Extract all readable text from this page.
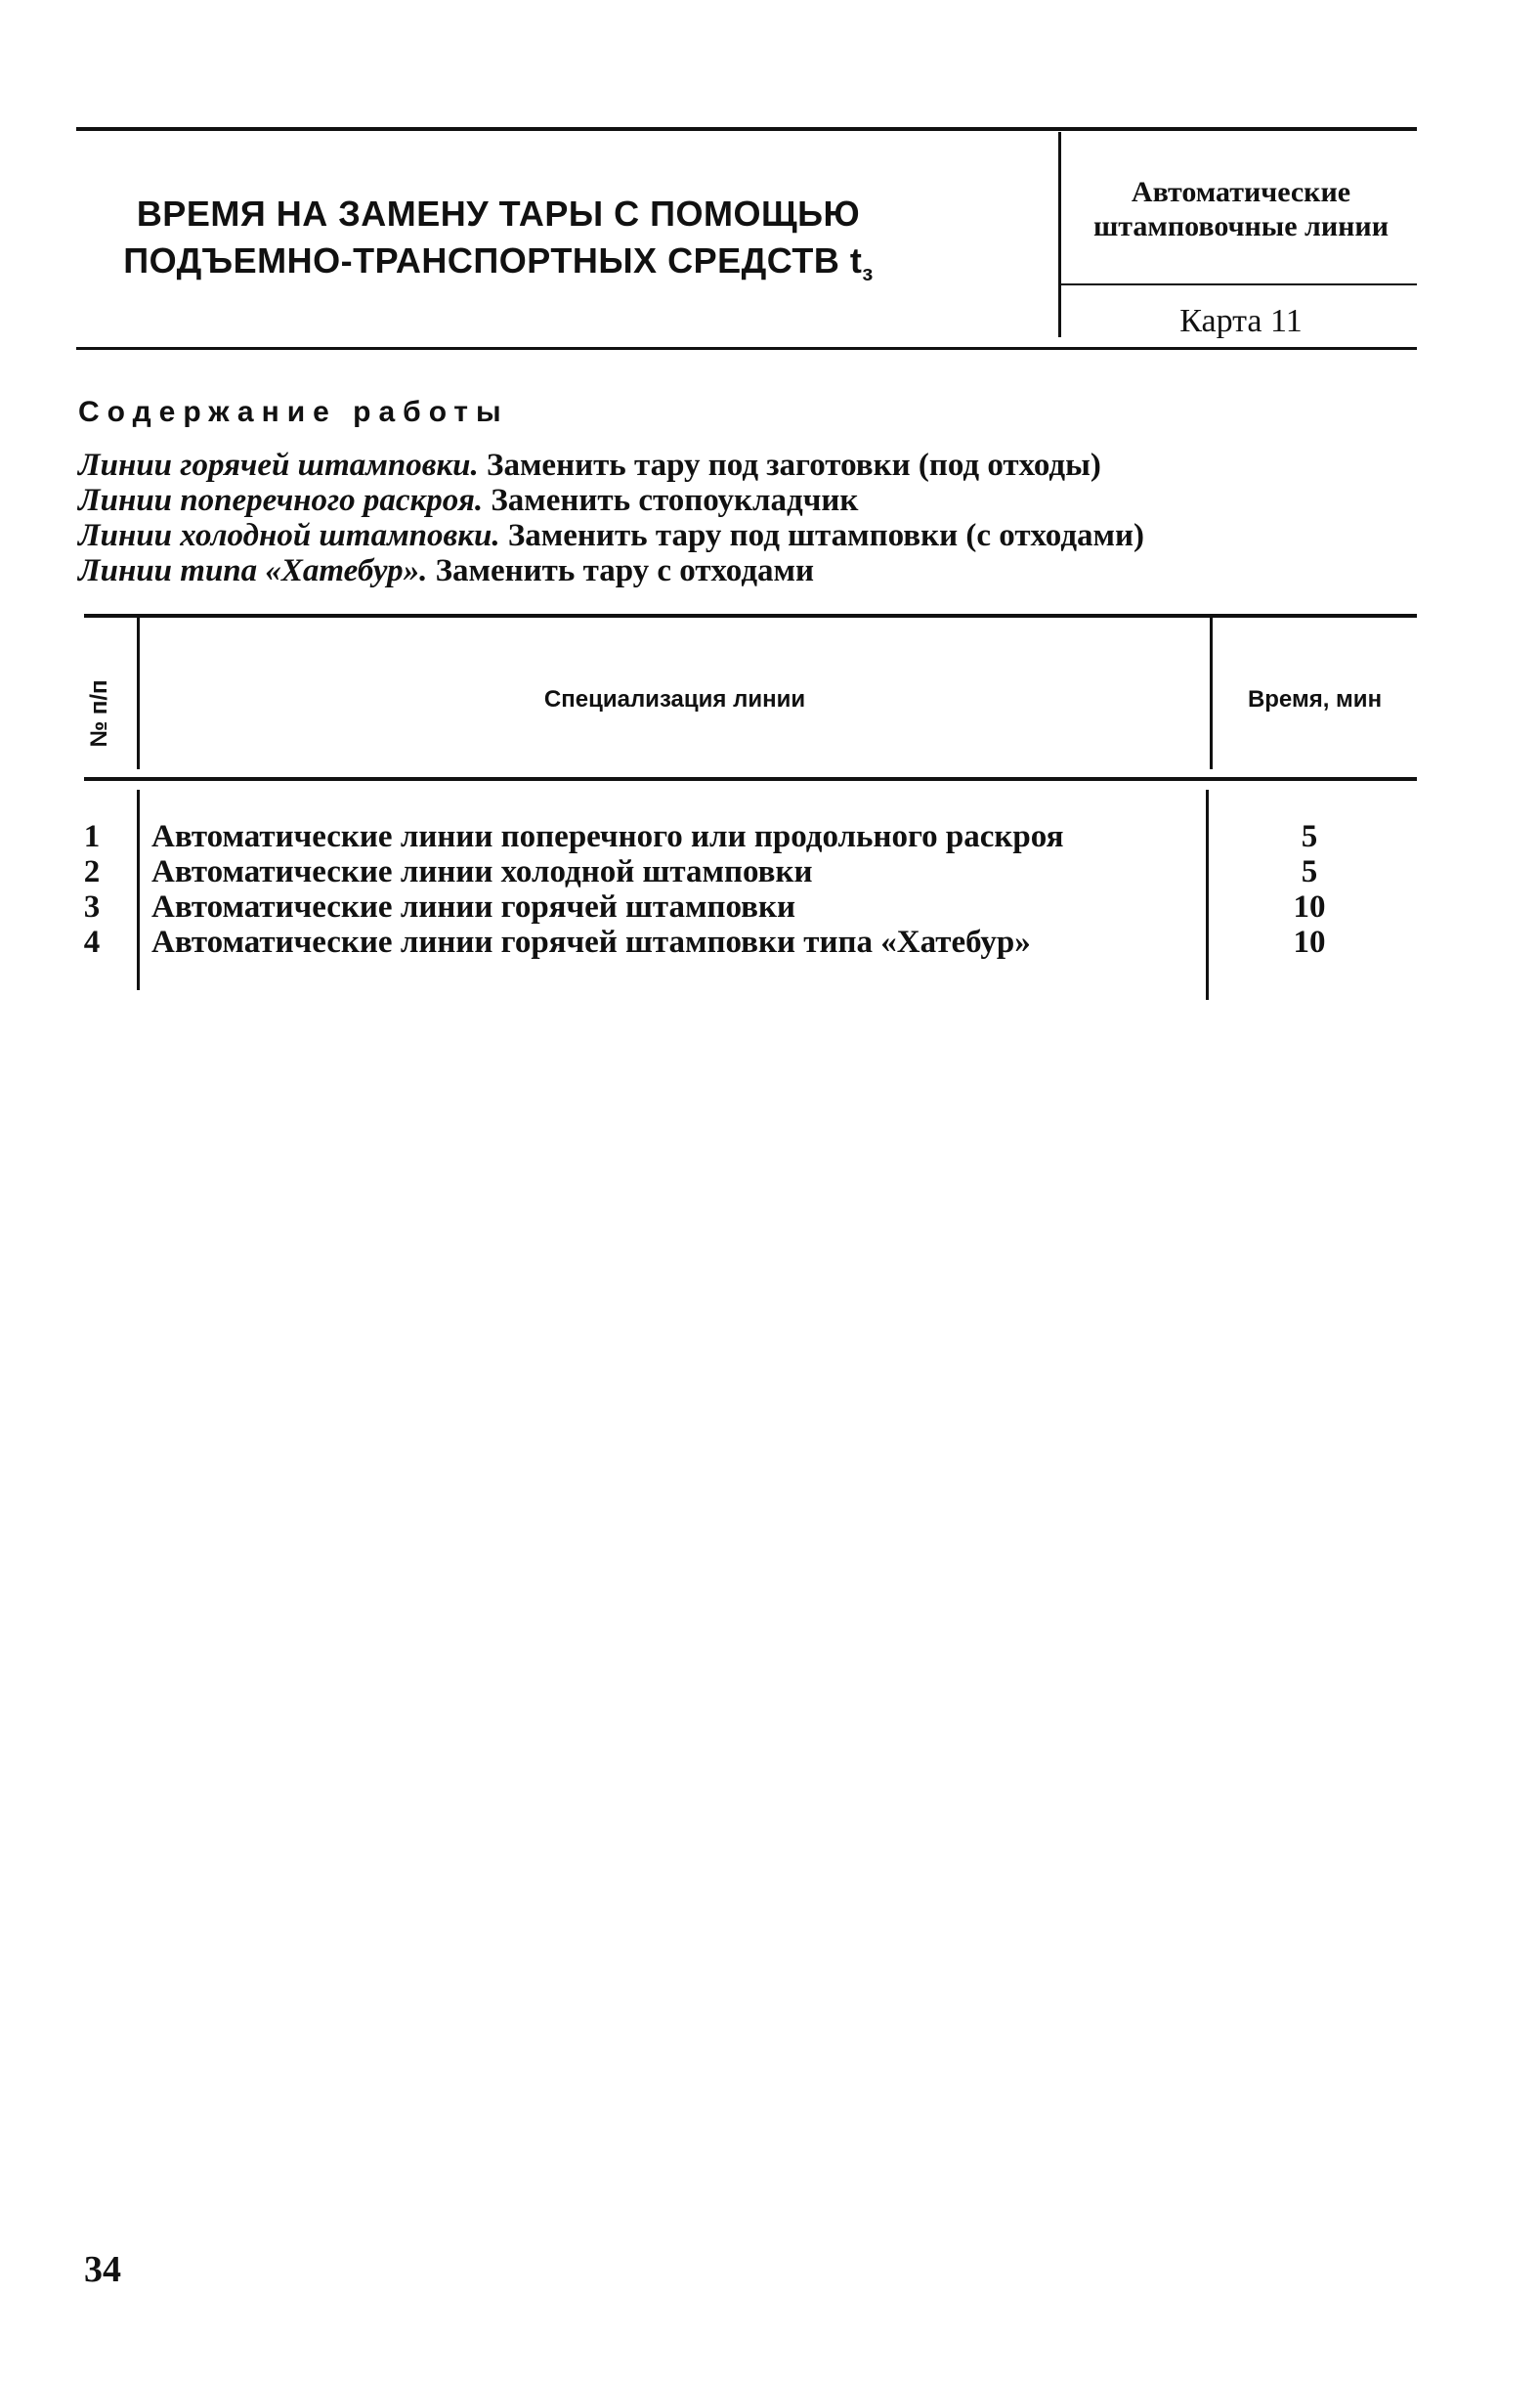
ВРЕМЯ НА ЗАМЕНУ ТАРЫ С ПОМОЩЬЮ
ПОДЪЕМНО-ТРАНСПОРТНЫХ СРЕДСТВ $t_з$
Автоматические
штамповочные линии
Карта 11
Содержание работы
Линии горячей штамповки. Заменить тару под заготовки (под отходы)
Линии поперечного раскроя. Заменить стопоукладчик
Линии холодной штамповки. Заменить тару под штамповки (с отходами)
Линии типа «Хатебур». Заменить тару с отходами
№ п/п	Специализация линии	Время, мин
1	Автоматические линии поперечного или продольного раскроя	5
2	Автоматические линии холодной штамповки	5
3	Автоматические линии горячей штамповки	10
4	Автоматические линии горячей штамповки типа «Хатебур»	10
34
